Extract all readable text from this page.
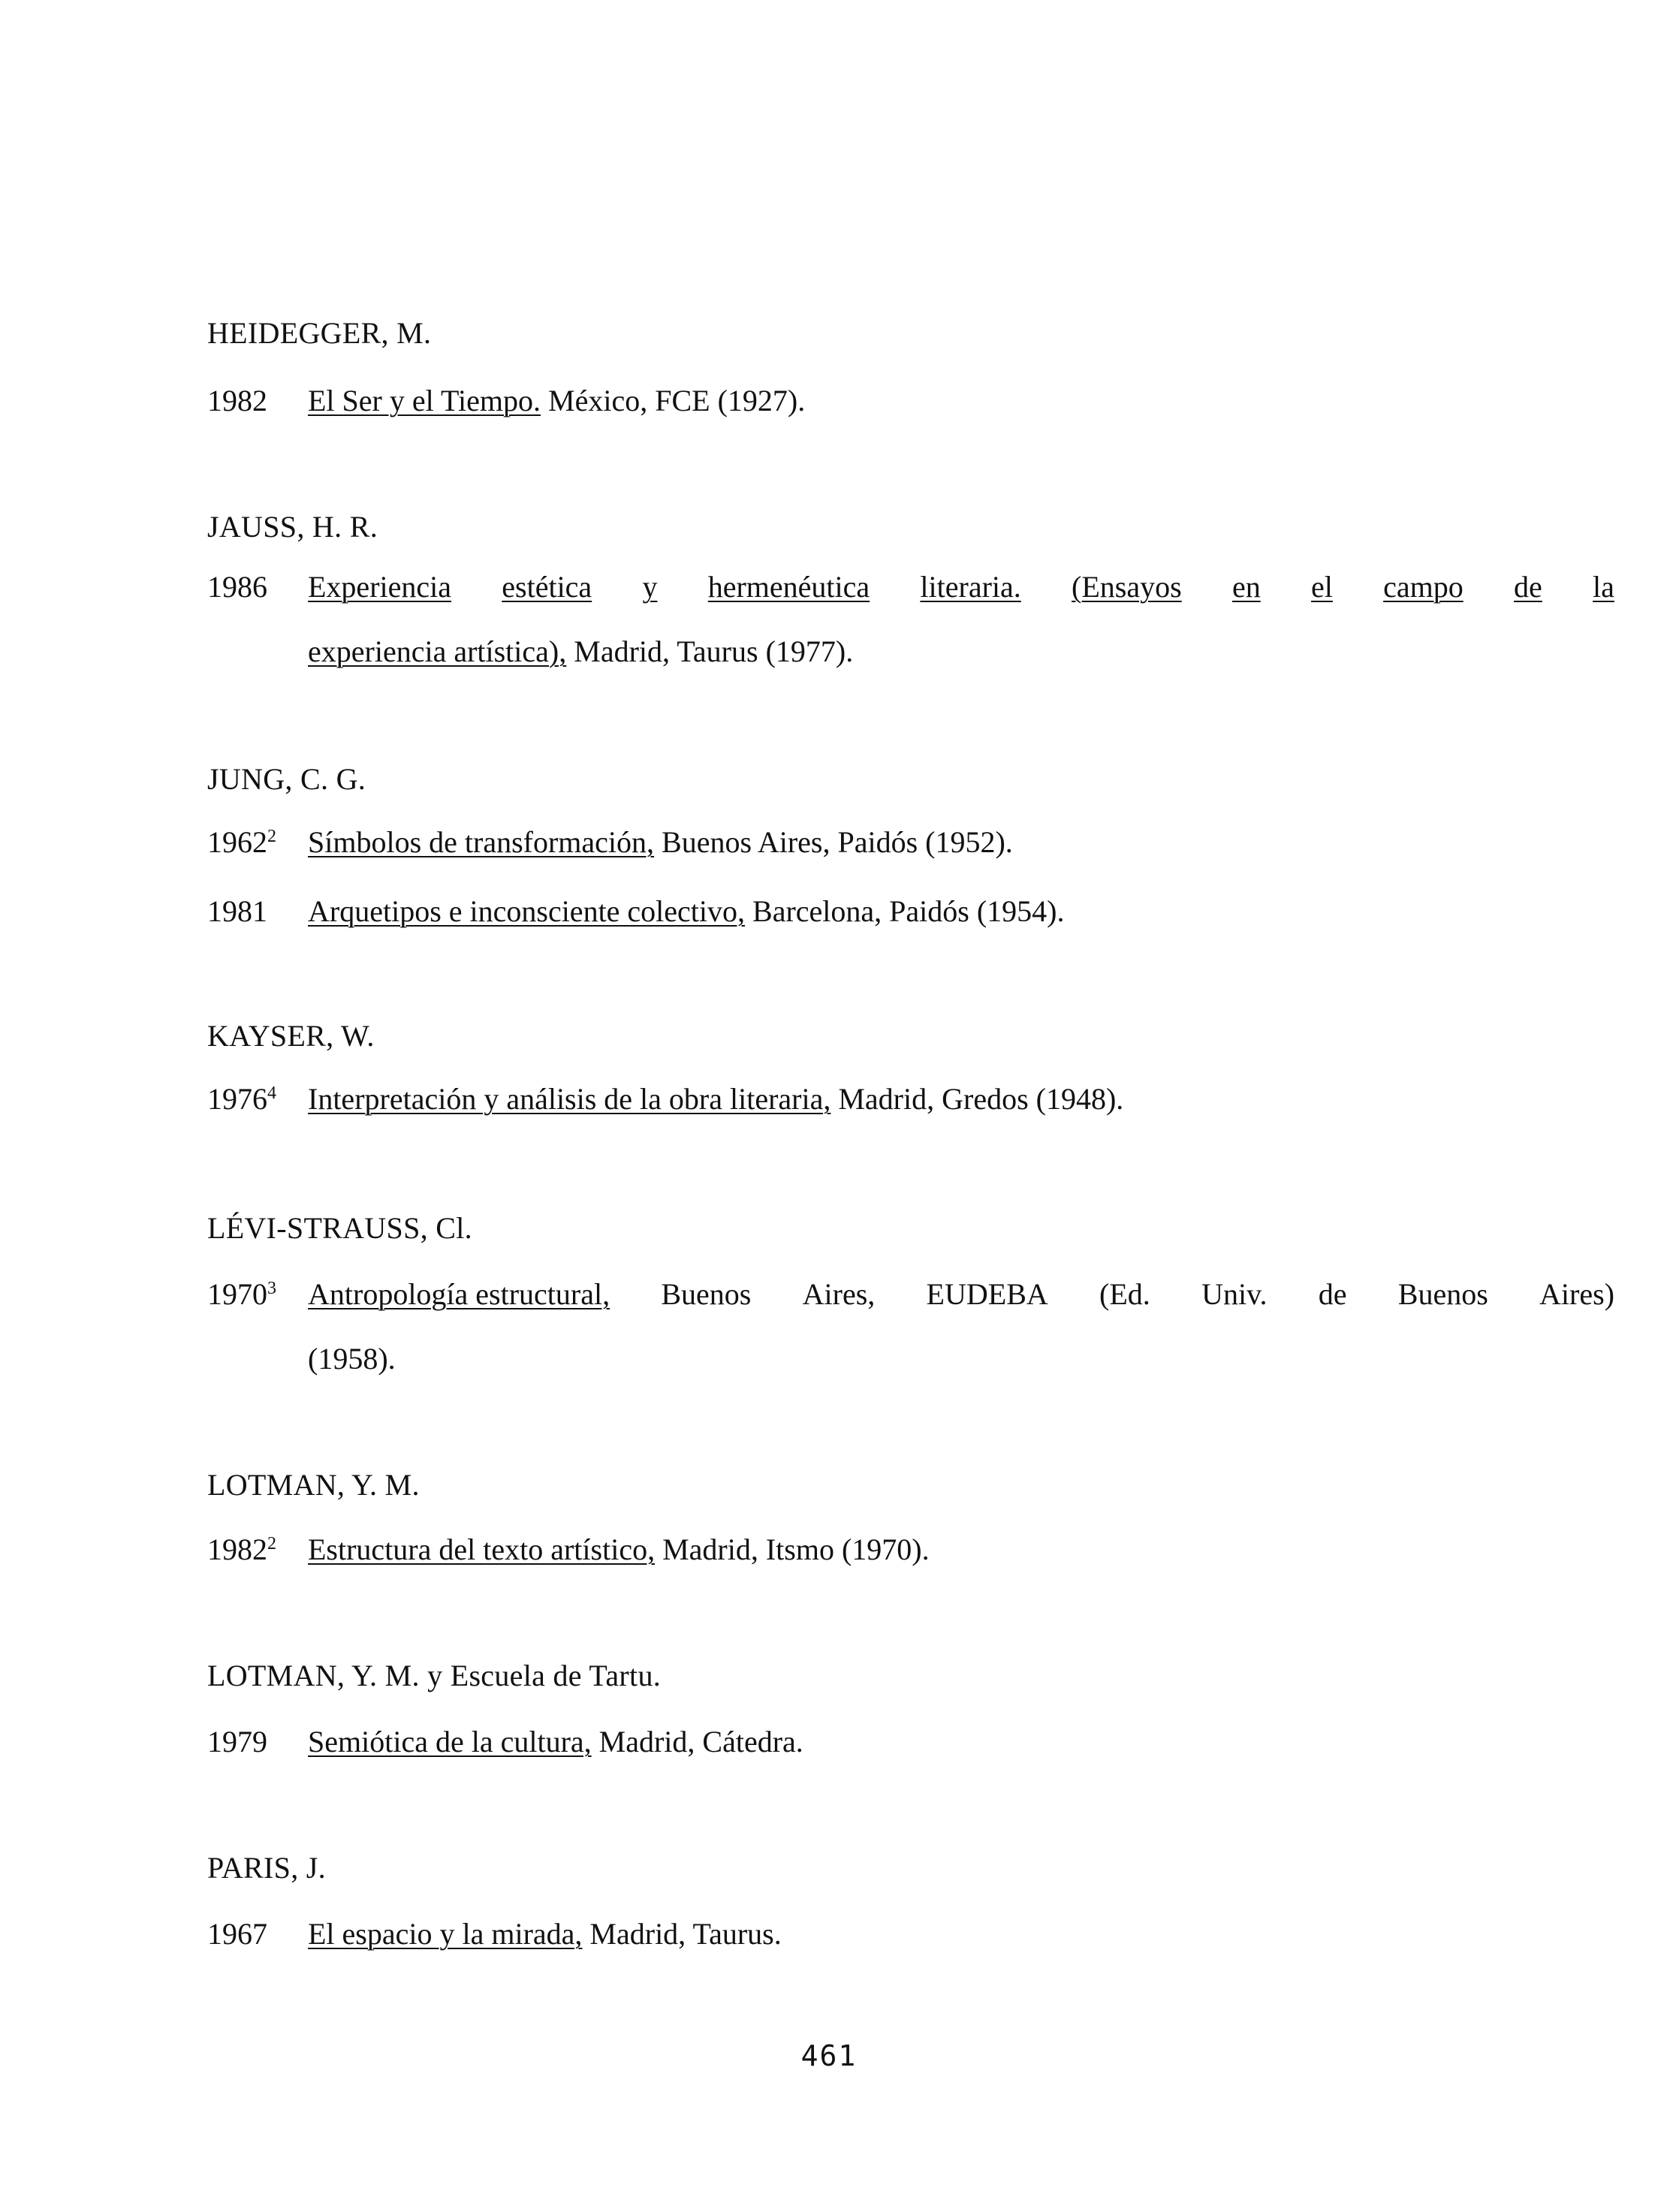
HEIDEGGER, M.
1982 El Ser y el Tiempo. México, FCE (1927).
JAUSS, H. R.
1986 Experiencia estética y hermenéutica literaria. (Ensayos en el campo de la
experiencia artística), Madrid, Taurus (1977).
JUNG, C. G.
1962$^2$ Símbolos de transformación, Buenos Aires, Paidós (1952).
1981 Arquetipos e inconsciente colectivo, Barcelona, Paidós (1954).
KAYSER, W.
1976$^4$ Interpretación y análisis de la obra literaria, Madrid, Gredos (1948).
LÉVI-STRAUSS, Cl.
1970$^3$ Antropología estructural, Buenos Aires, EUDEBA (Ed. Univ. de Buenos Aires)
(1958).
LOTMAN, Y. M.
1982$^2$ Estructura del texto artístico, Madrid, Itsmo (1970).
LOTMAN, Y. M. y Escuela de Tartu.
1979 Semiótica de la cultura, Madrid, Cátedra.
PARIS, J.
1967 El espacio y la mirada, Madrid, Taurus.
461
